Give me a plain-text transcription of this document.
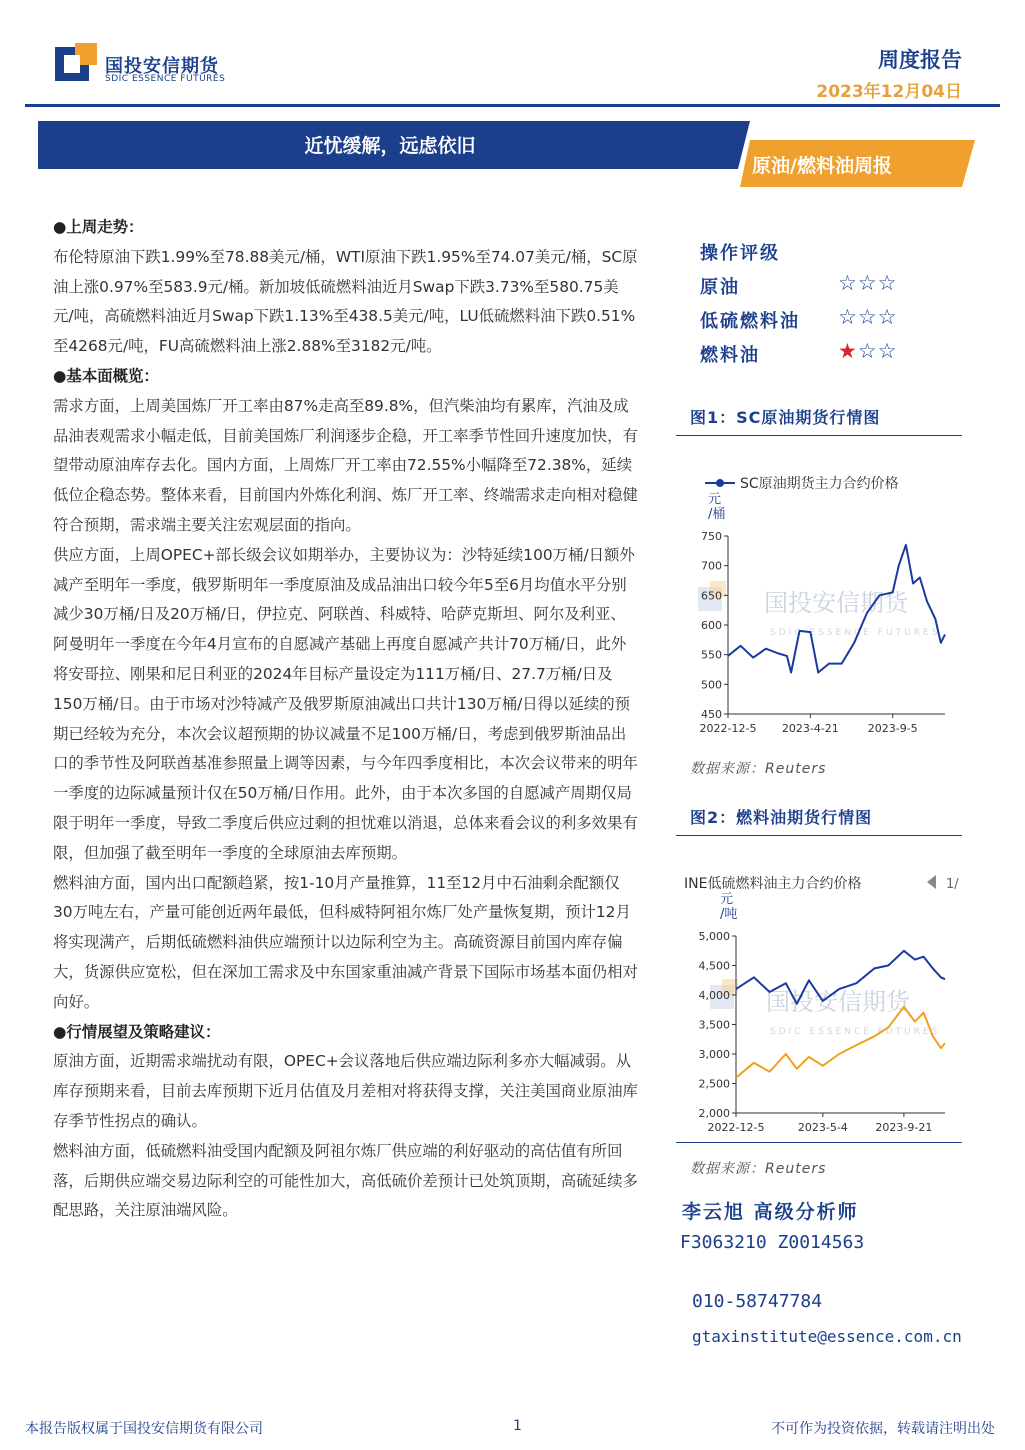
国投安信期货
SDIC ESSENCE FUTURES
周度报告
2023年12月04日
近忧缓解，远虑依旧
原油/燃料油周报

●上周走势：

布伦特原油下跌1.99%至78.88美元/桶，WTI原油下跌1.95%至74.07美元/桶，SC原油上涨0.97%至583.9元/桶。新加坡低硫燃料油近月Swap下跌3.73%至580.75美元/吨，高硫燃料油近月Swap下跌1.13%至438.5美元/吨，LU低硫燃料油下跌0.51%至4268元/吨，FU高硫燃料油上涨2.88%至3182元/吨。

●基本面概览：

需求方面，上周美国炼厂开工率由87%走高至89.8%，但汽柴油均有累库，汽油及成品油表观需求小幅走低，目前美国炼厂利润逐步企稳，开工率季节性回升速度加快，有望带动原油库存去化。国内方面，上周炼厂开工率由72.55%小幅降至72.38%，延续低位企稳态势。整体来看，目前国内外炼化利润、炼厂开工率、终端需求走向相对稳健符合预期，需求端主要关注宏观层面的指向。

供应方面，上周OPEC+部长级会议如期举办，主要协议为：沙特延续100万桶/日额外减产至明年一季度，俄罗斯明年一季度原油及成品油出口较今年5至6月均值水平分别减少30万桶/日及20万桶/日，伊拉克、阿联酋、科威特、哈萨克斯坦、阿尔及利亚、阿曼明年一季度在今年4月宣布的自愿减产基础上再度自愿减产共计70万桶/日，此外将安哥拉、刚果和尼日利亚的2024年目标产量设定为111万桶/日、27.7万桶/日及150万桶/日。由于市场对沙特减产及俄罗斯原油减出口共计130万桶/日得以延续的预期已经较为充分，本次会议超预期的协议减量不足100万桶/日，考虑到俄罗斯油品出口的季节性及阿联酋基准参照量上调等因素，与今年四季度相比，本次会议带来的明年一季度的边际减量预计仅在50万桶/日作用。此外，由于本次多国的自愿减产周期仅局限于明年一季度，导致二季度后供应过剩的担忧难以消退，总体来看会议的利多效果有限，但加强了截至明年一季度的全球原油去库预期。

燃料油方面，国内出口配额趋紧，按1-10月产量推算，11至12月中石油剩余配额仅30万吨左右，产量可能创近两年最低，但科威特阿祖尔炼厂处产量恢复期，预计12月将实现满产，后期低硫燃料油供应端预计以边际利空为主。高硫资源目前国内库存偏大，货源供应宽松，但在深加工需求及中东国家重油减产背景下国际市场基本面仍相对向好。

●行情展望及策略建议：

原油方面，近期需求端扰动有限，OPEC+会议落地后供应端边际利多亦大幅减弱。从库存预期来看，目前去库预期下近月估值及月差相对将获得支撑，关注美国商业原油库存季节性拐点的确认。

燃料油方面，低硫燃料油受国内配额及阿祖尔炼厂供应端的利好驱动的高估值有所回落，后期供应端交易边际利空的可能性加大，高低硫价差预计已处筑顶期，高硫延续多配思路，关注原油端风险。

操作评级
原油	☆☆☆
低硫燃料油 ☆☆☆
燃料油	★☆☆
图1：SC原油期货行情图
SC原油期货主力合约价格
元/桶
国投安信期货
SDIC ESSENCE FUTURES
750
700
650
600
550
500
450
2022-12-5 2023-4-21	2023-9-5
数据来源：Reuters
图2：燃料油期货行情图
INE低硫燃料油主力合约价格	1/
元/吨
国投安信期货
SDIC ESSENCE FUTURES
5,000
4,500
4,000
3,500
3,000
2,500
2,000
2022-12-5	2023-5-4	2023-9-21
数据来源：Reuters
李云旭 高级分析师
F3063210 Z0014563
010-58747784
gtaxinstitute@essence.com.cn
本报告版权属于国投安信期货有限公司	1	不可作为投资依据，转载请注明出处
